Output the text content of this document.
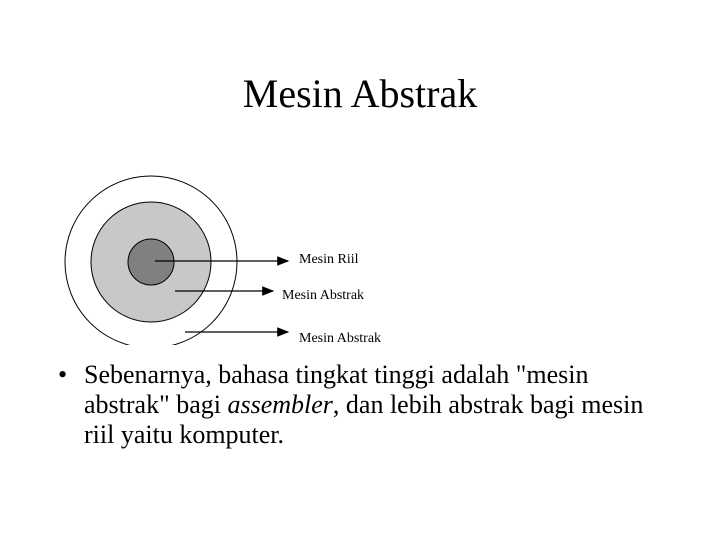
Mesin Abstrak
Mesin Riil
Mesin Abstrak
Mesin Abstrak
• Sebenarnya, bahasa tingkat tinggi adalah "mesin abstrak" bagi assembler, dan lebih abstrak bagi mesin riil yaitu komputer.
